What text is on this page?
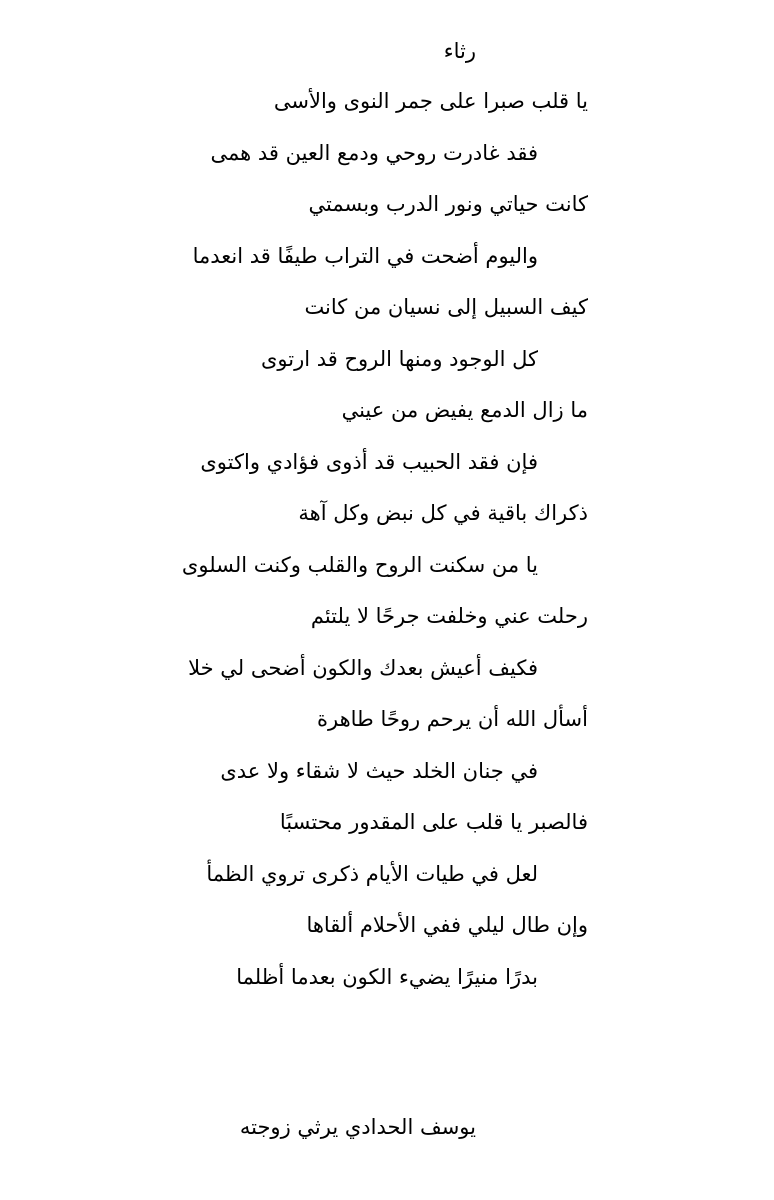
رثاء

يا قلب صبرا على جمر النوى والأسى

فقد غادرت روحي ودمع العين قد همى

كانت حياتي ونور الدرب وبسمتي

واليوم أضحت في التراب طيفًا قد انعدما

كيف السبيل إلى نسيان من كانت

كل الوجود ومنها الروح قد ارتوى

ما زال الدمع يفيض من عيني

فإن فقد الحبيب قد أذوى فؤادي واكتوى

ذكراك باقية في كل نبض وكل آهة

يا من سكنت الروح والقلب وكنت السلوى

رحلت عني وخلفت جرحًا لا يلتئم

فكيف أعيش بعدك والكون أضحى لي خلا

أسأل الله أن يرحم روحًا طاهرة

في جنان الخلد حيث لا شقاء ولا عدى

فالصبر يا قلب على المقدور محتسبًا

لعل في طيات الأيام ذكرى تروي الظمأ

وإن طال ليلي ففي الأحلام ألقاها

بدرًا منيرًا يضيء الكون بعدما أظلما

يوسف الحدادي يرثي زوجته
